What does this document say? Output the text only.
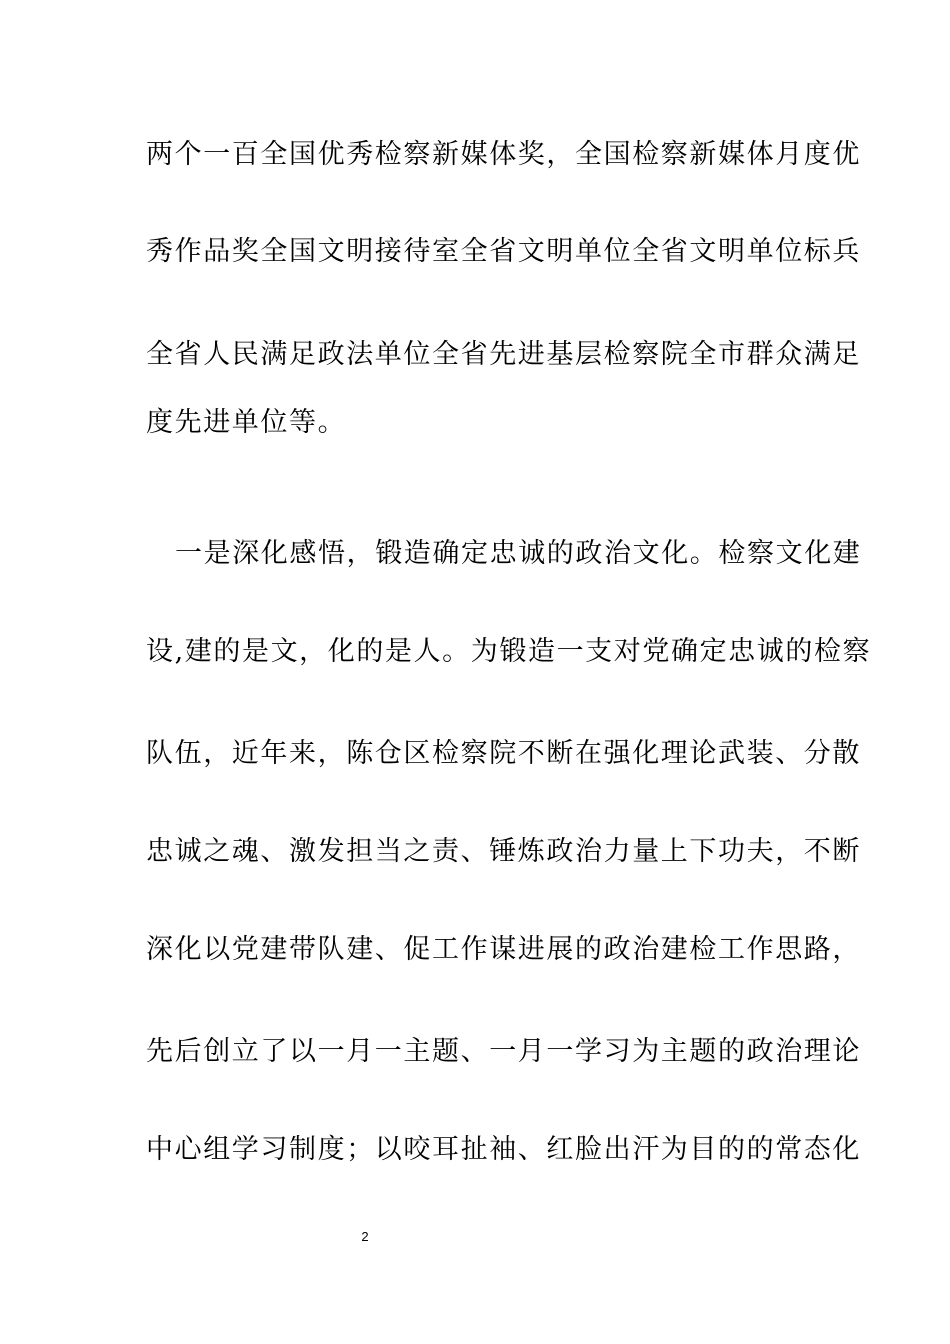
两个一百全国优秀检察新媒体奖，全国检察新媒体月度优
秀作品奖全国文明接待室全省文明单位全省文明单位标兵
全省人民满足政法单位全省先进基层检察院全市群众满足
度先进单位等。
一是深化感悟，锻造确定忠诚的政治文化。检察文化建
设,建的是文，化的是人。为锻造一支对党确定忠诚的检察
队伍，近年来，陈仓区检察院不断在强化理论武装、分散
忠诚之魂、激发担当之责、锤炼政治力量上下功夫，不断
深化以党建带队建、促工作谋进展的政治建检工作思路，
先后创立了以一月一主题、一月一学习为主题的政治理论
中心组学习制度；以咬耳扯袖、红脸出汗为目的的常态化
2
